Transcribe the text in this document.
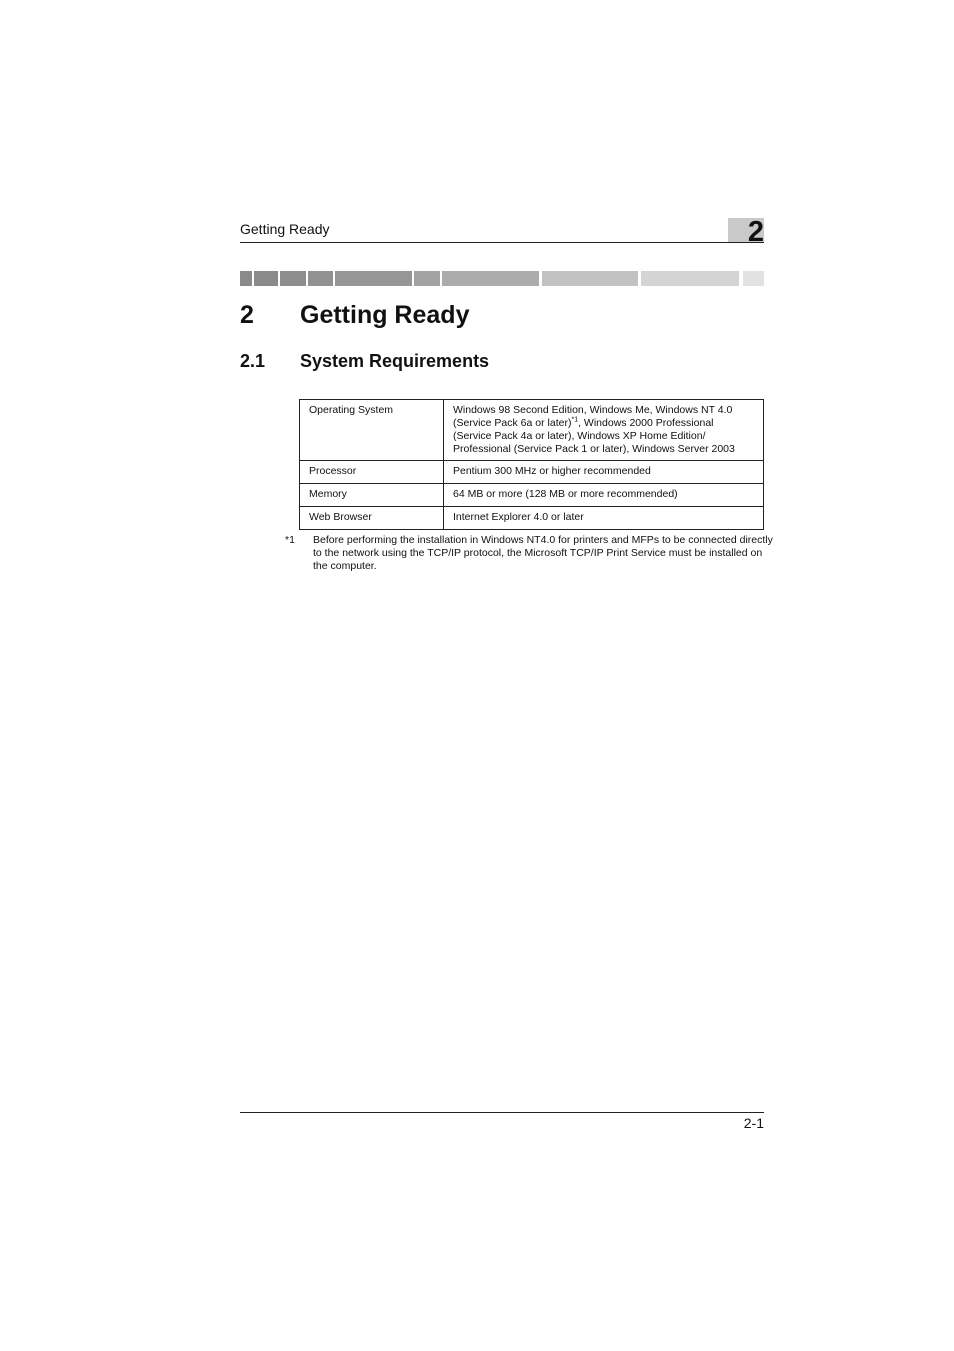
Getting Ready	2
2 Getting Ready
2.1 System Requirements
Operating System	Windows 98 Second Edition, Windows Me, Windows NT 4.0
(Service Pack 6a or later)$^{*1}$, Windows 2000 Professional
(Service Pack 4a or later), Windows XP Home Edition/
Professional (Service Pack 1 or later), Windows Server 2003
Processor	Pentium 300 MHz or higher recommended
Memory	64 MB or more (128 MB or more recommended)
Web Browser	Internet Explorer 4.0 or later
*1 Before performing the installation in Windows NT4.0 for printers and MFPs to be connected directly to the network using the TCP/IP protocol, the Microsoft TCP/IP Print Service must be installed on the computer.
2-1
